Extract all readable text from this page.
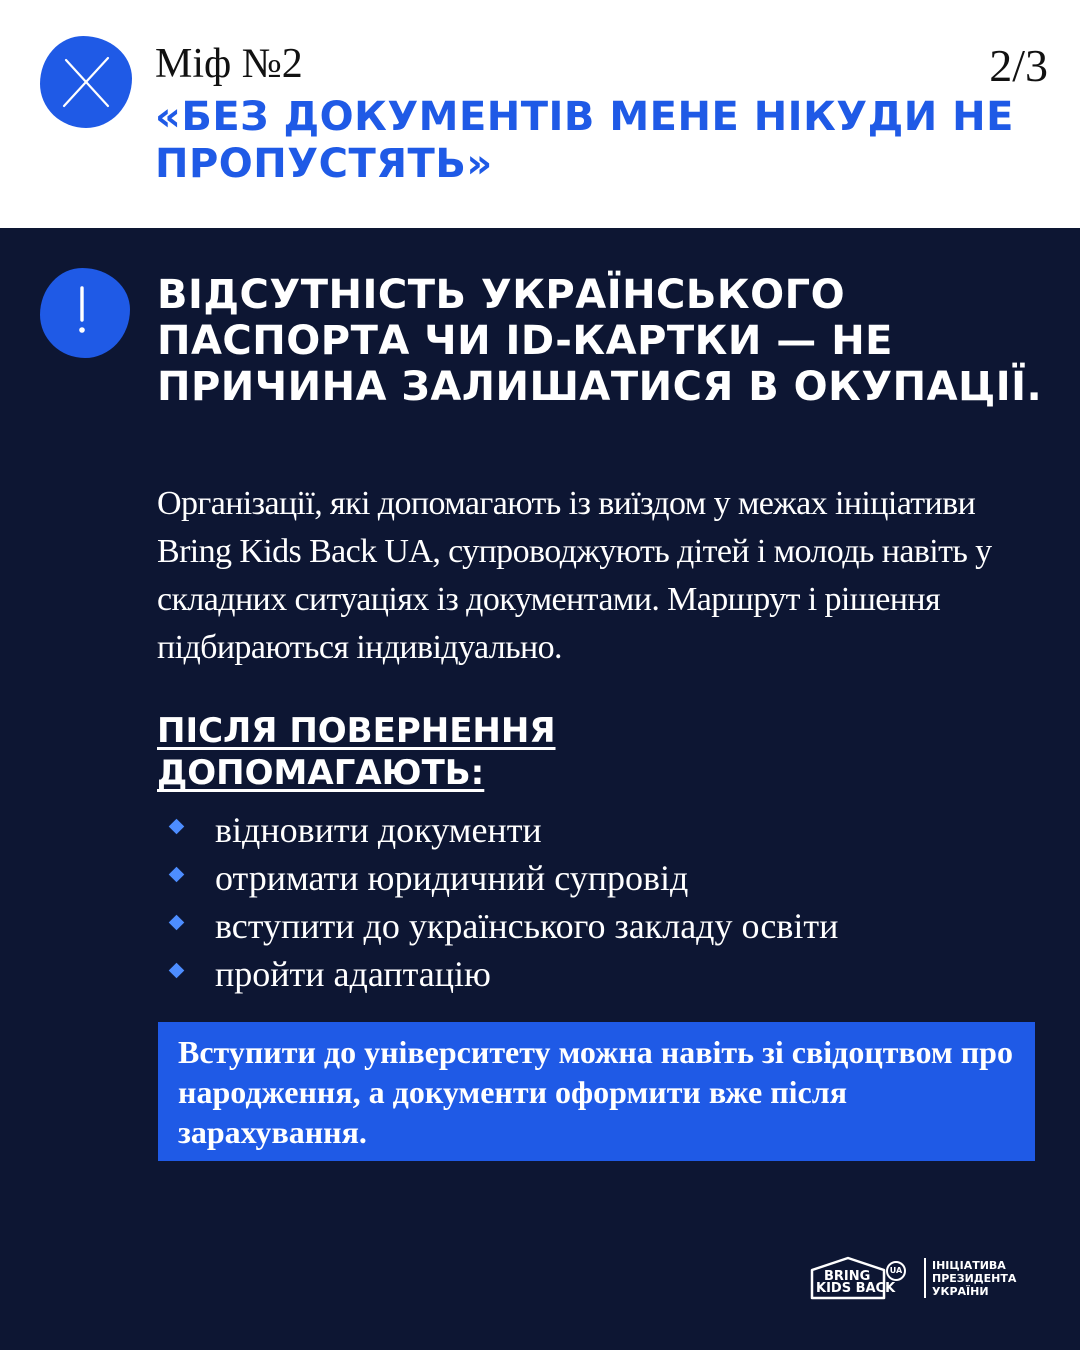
Міф №2	2/3
«БЕЗ ДОКУМЕНТІВ МЕНЕ НІКУДИ НЕ ПРОПУСТЯТЬ»
ВІДСУТНІСТЬ УКРАЇНСЬКОГО ПАСПОРТА ЧИ ID-КАРТКИ — НЕ ПРИЧИНА ЗАЛИШАТИСЯ В ОКУПАЦІЇ.
Організації, які допомагають із виїздом у межах ініціативи Bring Kids Back UA, супроводжують дітей і молодь навіть у складних ситуаціях із документами. Маршрут і рішення підбираються індивідуально.
ПІСЛЯ ПОВЕРНЕННЯ ДОПОМАГАЮТЬ:
відновити документи
отримати юридичний супровід
вступити до українського закладу освіти
пройти адаптацію
Вступити до університету можна навіть зі свідоцтвом про народження, а документи оформити вже після зарахування.
BRING
KIDS BACK
UA	ІНІЦІАТИВА
ПРЕЗИДЕНТА
УКРАЇНИ
